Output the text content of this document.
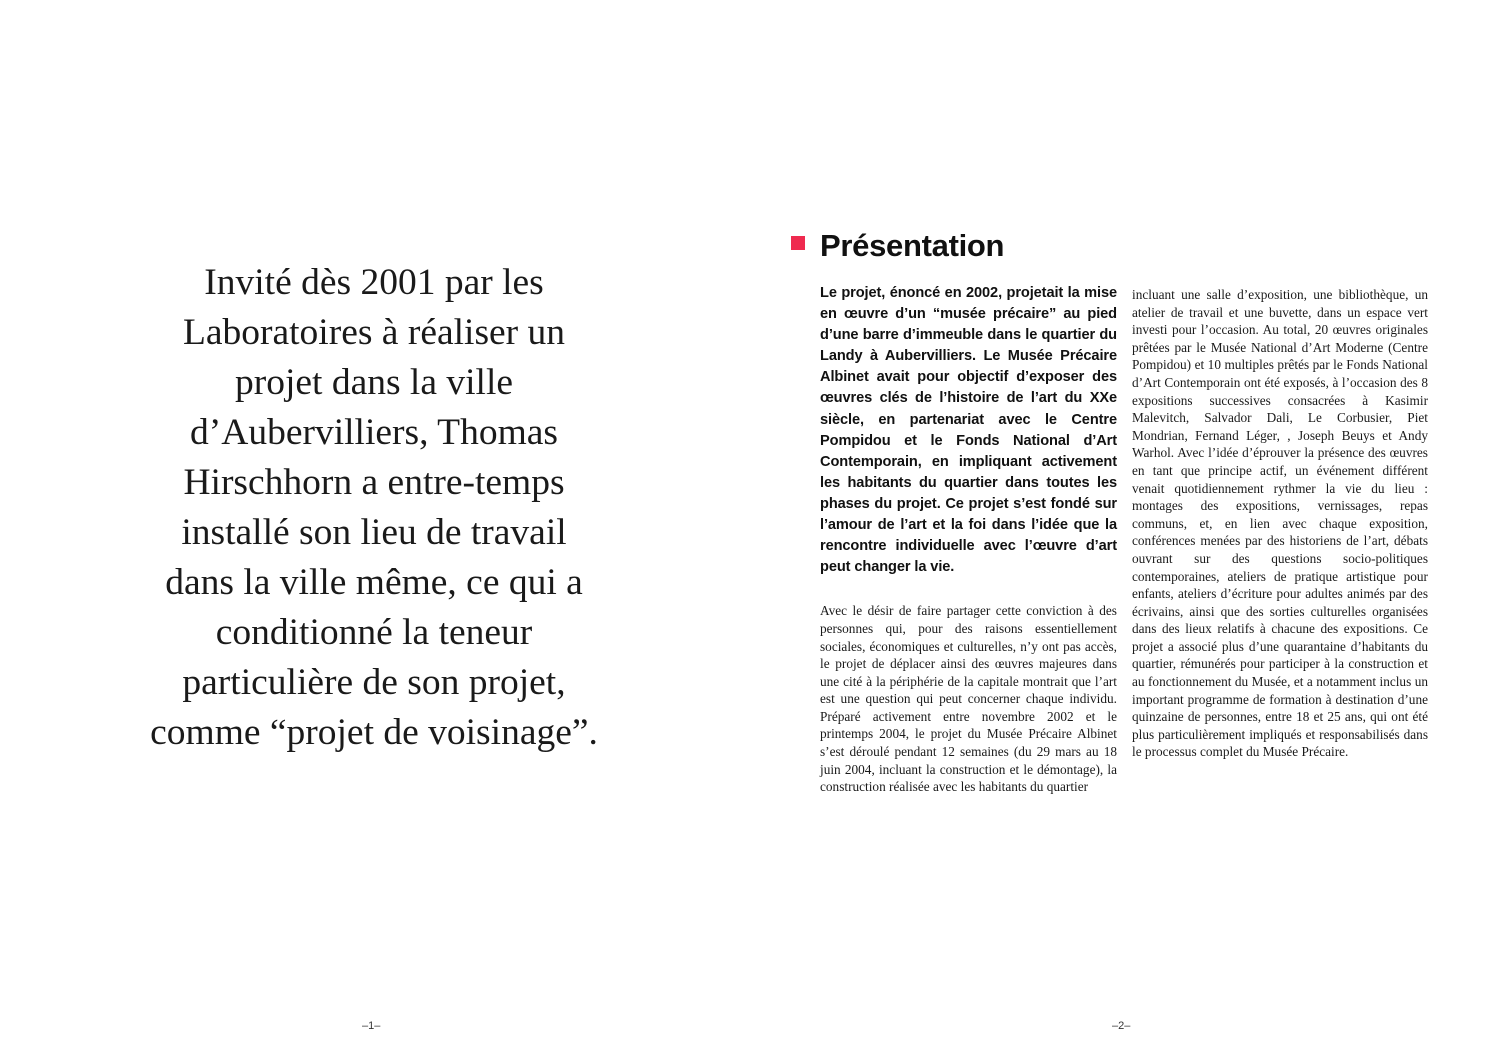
Invité dès 2001 par les Laboratoires à réaliser un projet dans la ville d’Aubervilliers, Thomas Hirschhorn a entre-temps installé son lieu de travail dans la ville même, ce qui a conditionné la teneur particulière de son projet, comme “projet de voisinage”.

–1–
Présentation

Le projet, énoncé en 2002, projetait la mise en œuvre d’un “musée précaire” au pied d’une barre d’immeuble dans le quartier du Landy à Aubervilliers. Le Musée Précaire Albinet avait pour objectif d’exposer des œuvres clés de l’histoire de l’art du XXe siècle, en partenariat avec le Centre Pompidou et le Fonds National d’Art Contemporain, en impliquant activement les habitants du quartier dans toutes les phases du projet. Ce projet s’est fondé sur l’amour de l’art et la foi dans l’idée que la rencontre individuelle avec l’œuvre d’art peut changer la vie.

Avec le désir de faire partager cette conviction à des personnes qui, pour des raisons essentiellement sociales, économiques et culturelles, n’y ont pas accès, le projet de déplacer ainsi des œuvres majeures dans une cité à la périphérie de la capitale montrait que l’art est une question qui peut concerner chaque individu. Préparé activement entre novembre 2002 et le printemps 2004, le projet du Musée Précaire Albinet s’est déroulé pendant 12 semaines (du 29 mars au 18 juin 2004, incluant la construction et le démontage), la construction réalisée avec les habitants du quartier

incluant une salle d’exposition, une bibliothèque, un atelier de travail et une buvette, dans un espace vert investi pour l’occasion. Au total, 20 œuvres originales prêtées par le Musée National d’Art Moderne (Centre Pompidou) et 10 multiples prêtés par le Fonds National d’Art Contemporain ont été exposés, à l’occasion des 8 expositions successives consacrées à Kasimir Malevitch, Salvador Dali, Le Corbusier, Piet Mondrian, Fernand Léger, , Joseph Beuys et Andy Warhol. Avec l’idée d’éprouver la présence des œuvres en tant que principe actif, un événement différent venait quotidiennement rythmer la vie du lieu : montages des expositions, vernissages, repas communs, et, en lien avec chaque exposition, conférences menées par des historiens de l’art, débats ouvrant sur des questions socio-politiques contemporaines, ateliers de pratique artistique pour enfants, ateliers d’écriture pour adultes animés par des écrivains, ainsi que des sorties culturelles organisées dans des lieux relatifs à chacune des expositions. Ce projet a associé plus d’une quarantaine d’habitants du quartier, rémunérés pour participer à la construction et au fonctionnement du Musée, et a notamment inclus un important programme de formation à destination d’une quinzaine de personnes, entre 18 et 25 ans, qui ont été plus particulièrement impliqués et responsabilisés dans le processus complet du Musée Précaire.

–2–
